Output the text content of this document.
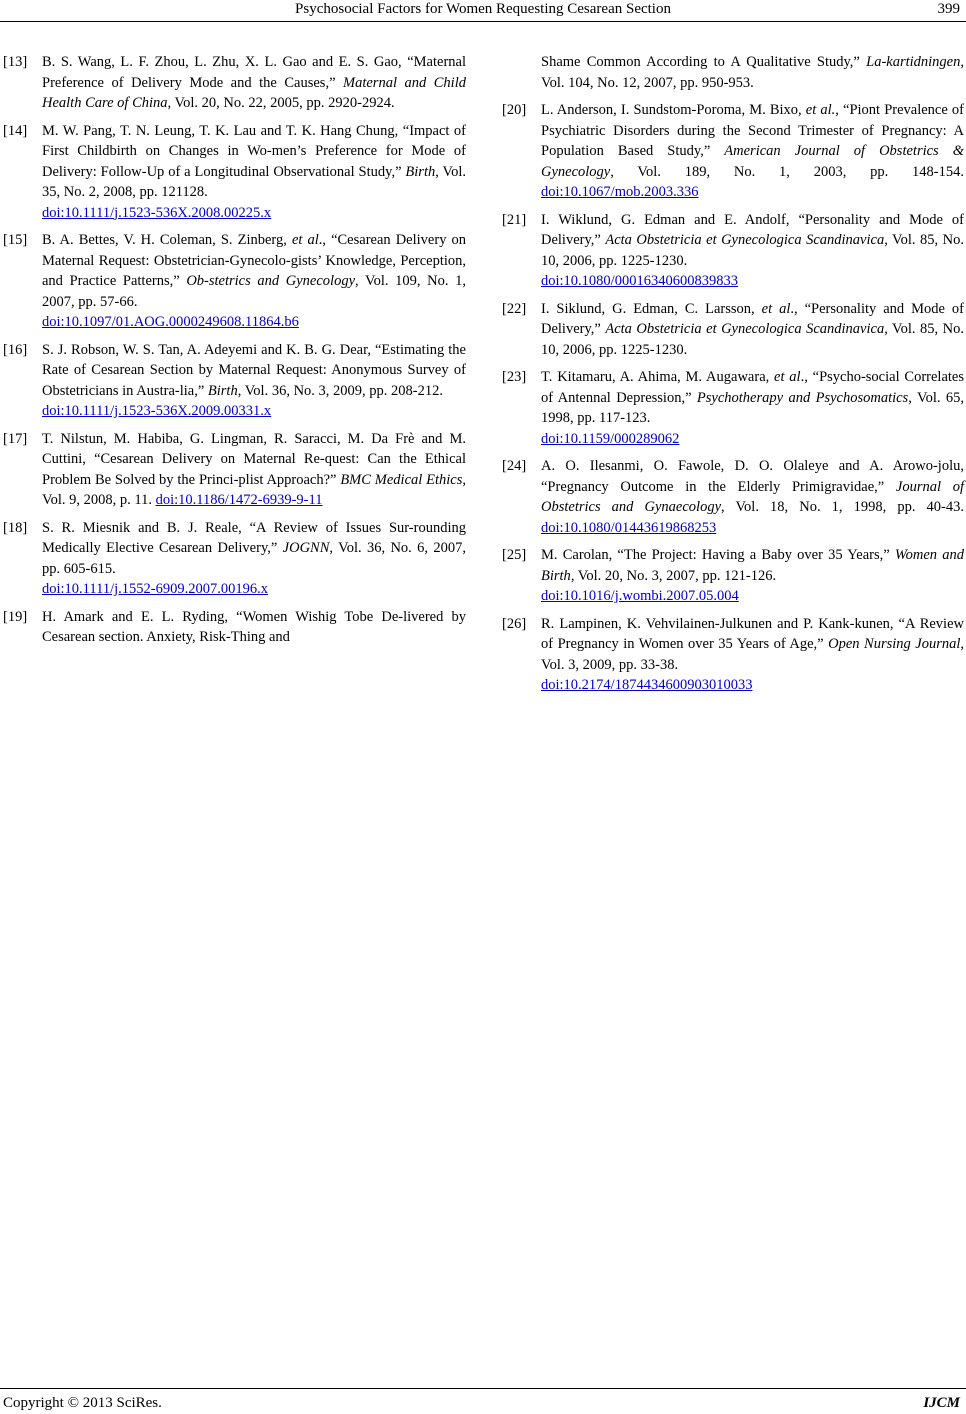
Psychosocial Factors for Women Requesting Cesarean Section	399
[13] B. S. Wang, L. F. Zhou, L. Zhu, X. L. Gao and E. S. Gao, “Maternal Preference of Delivery Mode and the Causes,” Maternal and Child Health Care of China, Vol. 20, No. 22, 2005, pp. 2920-2924.
[14] M. W. Pang, T. N. Leung, T. K. Lau and T. K. Hang Chung, “Impact of First Childbirth on Changes in Wo-men’s Preference for Mode of Delivery: Follow-Up of a Longitudinal Observational Study,” Birth, Vol. 35, No. 2, 2008, pp. 121128.
doi:10.1111/j.1523-536X.2008.00225.x
[15] B. A. Bettes, V. H. Coleman, S. Zinberg, et al., “Cesarean Delivery on Maternal Request: Obstetrician-Gynecolo-gists’ Knowledge, Perception, and Practice Patterns,” Ob-stetrics and Gynecology, Vol. 109, No. 1, 2007, pp. 57-66.
doi:10.1097/01.AOG.0000249608.11864.b6
[16] S. J. Robson, W. S. Tan, A. Adeyemi and K. B. G. Dear, “Estimating the Rate of Cesarean Section by Maternal Request: Anonymous Survey of Obstetricians in Austra-lia,” Birth, Vol. 36, No. 3, 2009, pp. 208-212.
doi:10.1111/j.1523-536X.2009.00331.x
[17] T. Nilstun, M. Habiba, G. Lingman, R. Saracci, M. Da Frè and M. Cuttini, “Cesarean Delivery on Maternal Re-quest: Can the Ethical Problem Be Solved by the Princi-plist Approach?” BMC Medical Ethics, Vol. 9, 2008, p. 11. doi:10.1186/1472-6939-9-11
[18] S. R. Miesnik and B. J. Reale, “A Review of Issues Sur-rounding Medically Elective Cesarean Delivery,” JOGNN, Vol. 36, No. 6, 2007, pp. 605-615.
doi:10.1111/j.1552-6909.2007.00196.x
[19] H. Amark and E. L. Ryding, “Women Wishig Tobe De-livered by Cesarean section. Anxiety, Risk-Thing and
Shame Common According to A Qualitative Study,” La-kartidningen, Vol. 104, No. 12, 2007, pp. 950-953.
[20] L. Anderson, I. Sundstom-Poroma, M. Bixo, et al., “Piont Prevalence of Psychiatric Disorders during the Second Trimester of Pregnancy: A Population Based Study,” American Journal of Obstetrics & Gynecology, Vol. 189, No. 1, 2003, pp. 148-154. doi:10.1067/mob.2003.336
[21] I. Wiklund, G. Edman and E. Andolf, “Personality and Mode of Delivery,” Acta Obstetricia et Gynecologica Scandinavica, Vol. 85, No. 10, 2006, pp. 1225-1230.
doi:10.1080/00016340600839833
[22] I. Siklund, G. Edman, C. Larsson, et al., “Personality and Mode of Delivery,” Acta Obstetricia et Gynecologica Scandinavica, Vol. 85, No. 10, 2006, pp. 1225-1230.
[23] T. Kitamaru, A. Ahima, M. Augawara, et al., “Psycho-social Correlates of Antennal Depression,” Psychotherapy and Psychosomatics, Vol. 65, 1998, pp. 117-123.
doi:10.1159/000289062
[24] A. O. Ilesanmi, O. Fawole, D. O. Olaleye and A. Arowo-jolu, “Pregnancy Outcome in the Elderly Primigravidae,” Journal of Obstetrics and Gynaecology, Vol. 18, No. 1, 1998, pp. 40-43. doi:10.1080/01443619868253
[25] M. Carolan, “The Project: Having a Baby over 35 Years,” Women and Birth, Vol. 20, No. 3, 2007, pp. 121-126.
doi:10.1016/j.wombi.2007.05.004
[26] R. Lampinen, K. Vehvilainen-Julkunen and P. Kank-kunen, “A Review of Pregnancy in Women over 35 Years of Age,” Open Nursing Journal, Vol. 3, 2009, pp. 33-38.
doi:10.2174/1874434600903010033
Copyright © 2013 SciRes.	IJCM
